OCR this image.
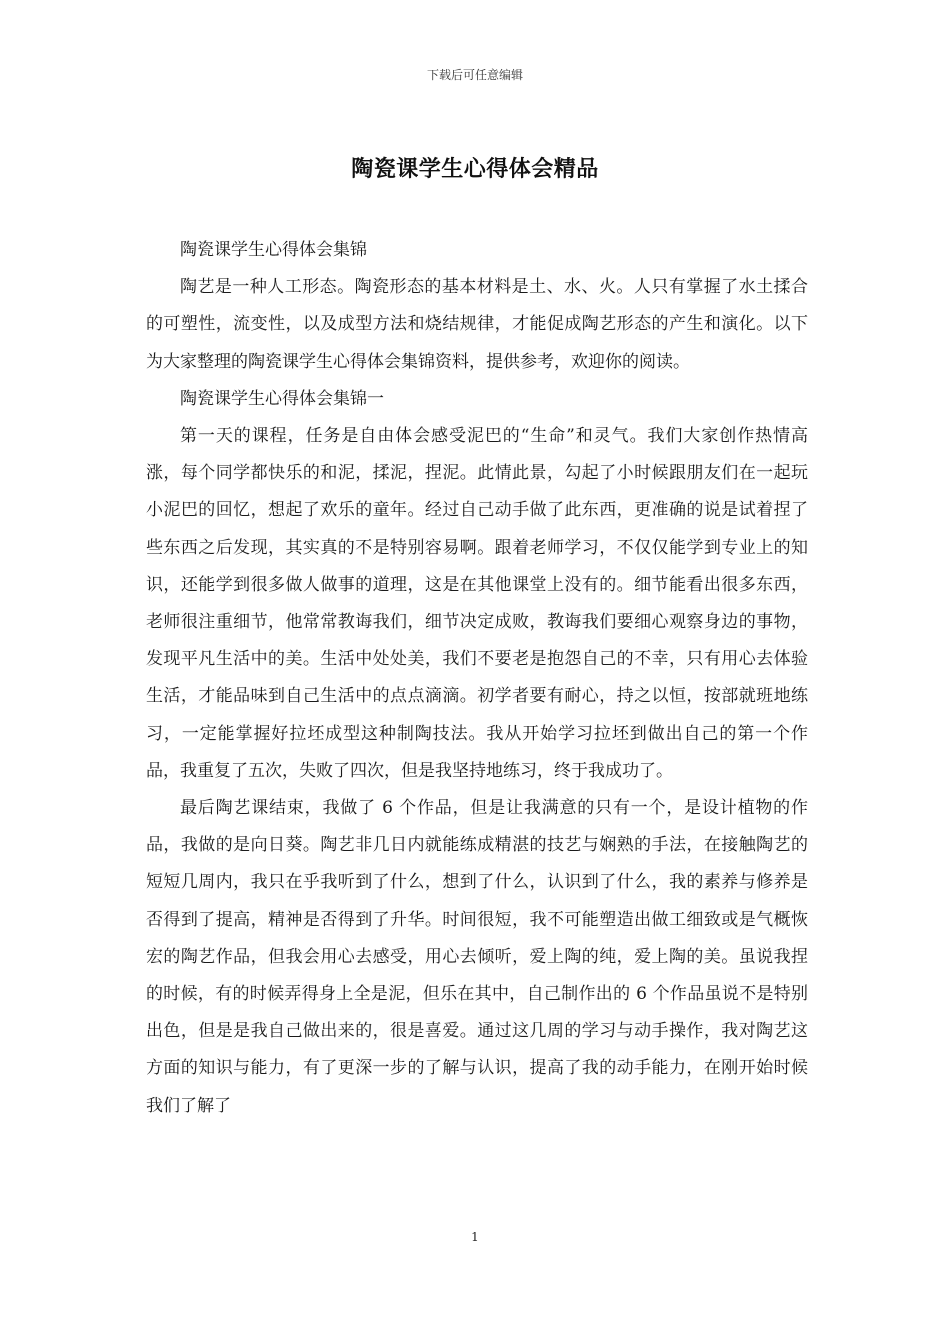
下载后可任意编辑
陶瓷课学生心得体会精品

陶瓷课学生心得体会集锦

陶艺是一种人工形态。陶瓷形态的基本材料是土、水、火。人只有掌握了水土揉合的可塑性，流变性，以及成型方法和烧结规律，才能促成陶艺形态的产生和演化。以下为大家整理的陶瓷课学生心得体会集锦资料，提供参考，欢迎你的阅读。

陶瓷课学生心得体会集锦一

第一天的课程，任务是自由体会感受泥巴的“生命”和灵气。我们大家创作热情高涨，每个同学都快乐的和泥，揉泥，捏泥。此情此景，勾起了小时候跟朋友们在一起玩小泥巴的回忆，想起了欢乐的童年。经过自己动手做了此东西，更准确的说是试着捏了些东西之后发现，其实真的不是特别容易啊。跟着老师学习，不仅仅能学到专业上的知识，还能学到很多做人做事的道理，这是在其他课堂上没有的。细节能看出很多东西，老师很注重细节，他常常教诲我们，细节决定成败，教诲我们要细心观察身边的事物，发现平凡生活中的美。生活中处处美，我们不要老是抱怨自己的不幸，只有用心去体验生活，才能品味到自己生活中的点点滴滴。初学者要有耐心，持之以恒，按部就班地练习，一定能掌握好拉坯成型这种制陶技法。我从开始学习拉坯到做出自己的第一个作品，我重复了五次，失败了四次，但是我坚持地练习，终于我成功了。

最后陶艺课结束，我做了 6 个作品，但是让我满意的只有一个，是设计植物的作品，我做的是向日葵。陶艺非几日内就能练成精湛的技艺与娴熟的手法，在接触陶艺的短短几周内，我只在乎我听到了什么，想到了什么，认识到了什么，我的素养与修养是否得到了提高，精神是否得到了升华。时间很短，我不可能塑造出做工细致或是气概恢宏的陶艺作品，但我会用心去感受，用心去倾听，爱上陶的纯，爱上陶的美。虽说我捏的时候，有的时候弄得身上全是泥，但乐在其中，自己制作出的 6 个作品虽说不是特别出色，但是是我自己做出来的，很是喜爱。通过这几周的学习与动手操作，我对陶艺这方面的知识与能力，有了更深一步的了解与认识，提高了我的动手能力，在刚开始时候我们了解了

1
